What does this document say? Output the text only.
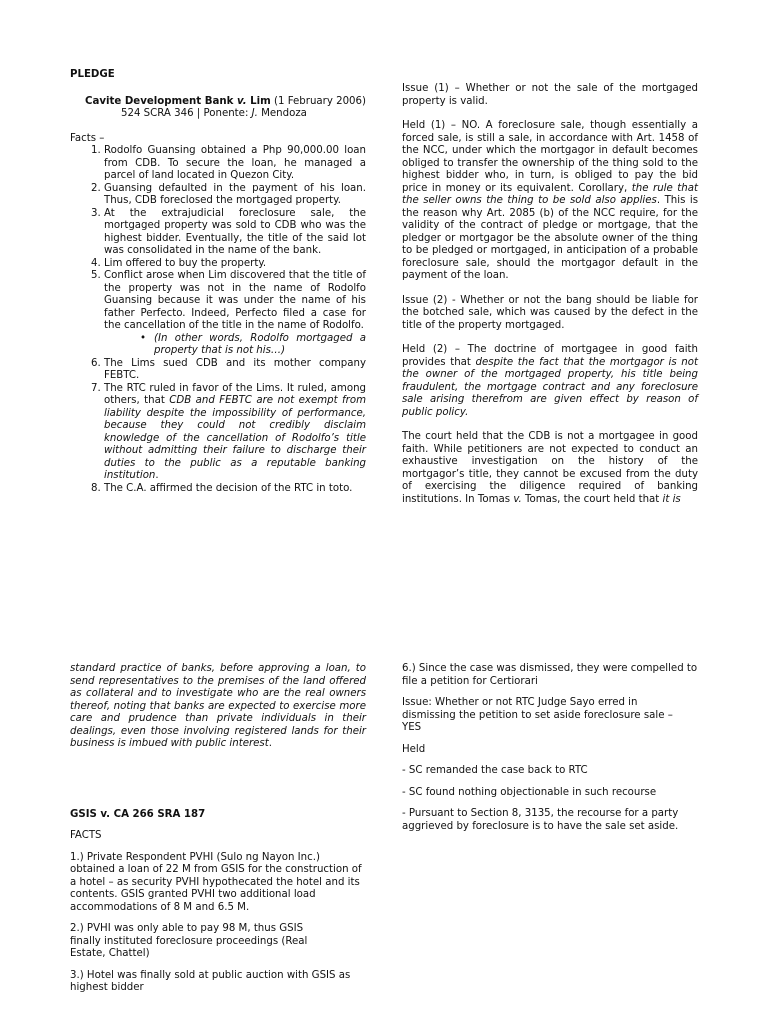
PLEDGE

Cavite Development Bank v. Lim (1 February 2006)

524 SCRA 346 | Ponente: J. Mendoza

Facts –

1. Rodolfo Guansing obtained a Php 90,000.00 loan from CDB. To secure the loan, he managed a parcel of land located in Quezon City.
2. Guansing defaulted in the payment of his loan. Thus, CDB foreclosed the mortgaged property.
3. At the extrajudicial foreclosure sale, the mortgaged property was sold to CDB who was the highest bidder. Eventually, the title of the said lot was consolidated in the name of the bank.
4. Lim offered to buy the property.
5. Conflict arose when Lim discovered that the title of the property was not in the name of Rodolfo Guansing because it was under the name of his father Perfecto. Indeed, Perfecto filed a case for the cancellation of the title in the name of Rodolfo.
• (In other words, Rodolfo mortgaged a property that is not his…)
6. The Lims sued CDB and its mother company FEBTC.
7. The RTC ruled in favor of the Lims. It ruled, among others, that CDB and FEBTC are not exempt from liability despite the impossibility of performance, because they could not credibly disclaim knowledge of the cancellation of Rodolfo’s title without admitting their failure to discharge their duties to the public as a reputable banking institution.
8. The C.A. affirmed the decision of the RTC in toto.

Issue (1) – Whether or not the sale of the mortgaged property is valid.

Held (1) – NO. A foreclosure sale, though essentially a forced sale, is still a sale, in accordance with Art. 1458 of the NCC, under which the mortgagor in default becomes obliged to transfer the ownership of the thing sold to the highest bidder who, in turn, is obliged to pay the bid price in money or its equivalent. Corollary, the rule that the seller owns the thing to be sold also applies. This is the reason why Art. 2085 (b) of the NCC require, for the validity of the contract of pledge or mortgage, that the pledger or mortgagor be the absolute owner of the thing to be pledged or mortgaged, in anticipation of a probable foreclosure sale, should the mortgagor default in the payment of the loan.

Issue (2) - Whether or not the bang should be liable for the botched sale, which was caused by the defect in the title of the property mortgaged.

Held (2) – The doctrine of mortgagee in good faith provides that despite the fact that the mortgagor is not the owner of the mortgaged property, his title being fraudulent, the mortgage contract and any foreclosure sale arising therefrom are given effect by reason of public policy.

The court held that the CDB is not a mortgagee in good faith. While petitioners are not expected to conduct an exhaustive investigation on the history of the mortgagor’s title, they cannot be excused from the duty of exercising the diligence required of banking institutions. In Tomas v. Tomas, the court held that it is

standard practice of banks, before approving a loan, to send representatives to the premises of the land offered as collateral and to investigate who are the real owners thereof, noting that banks are expected to exercise more care and prudence than private individuals in their dealings, even those involving registered lands for their business is imbued with public interest.

GSIS v. CA 266 SRA 187

FACTS

1.) Private Respondent PVHI (Sulo ng Nayon Inc.) obtained a loan of 22 M from GSIS for the construction of a hotel – as security PVHI hypothecated the hotel and its contents. GSIS granted PVHI two additional load accommodations of 8 M and 6.5 M.

2.) PVHI was only able to pay 98 M, thus GSIS finally instituted foreclosure proceedings (Real Estate, Chattel)

3.) Hotel was finally sold at public auction with GSIS as highest bidder

6.) Since the case was dismissed, they were compelled to file a petition for Certiorari

Issue: Whether or not RTC Judge Sayo erred in dismissing the petition to set aside foreclosure sale – YES

Held

- SC remanded the case back to RTC

- SC found nothing objectionable in such recourse

- Pursuant to Section 8, 3135, the recourse for a party aggrieved by foreclosure is to have the sale set aside.
